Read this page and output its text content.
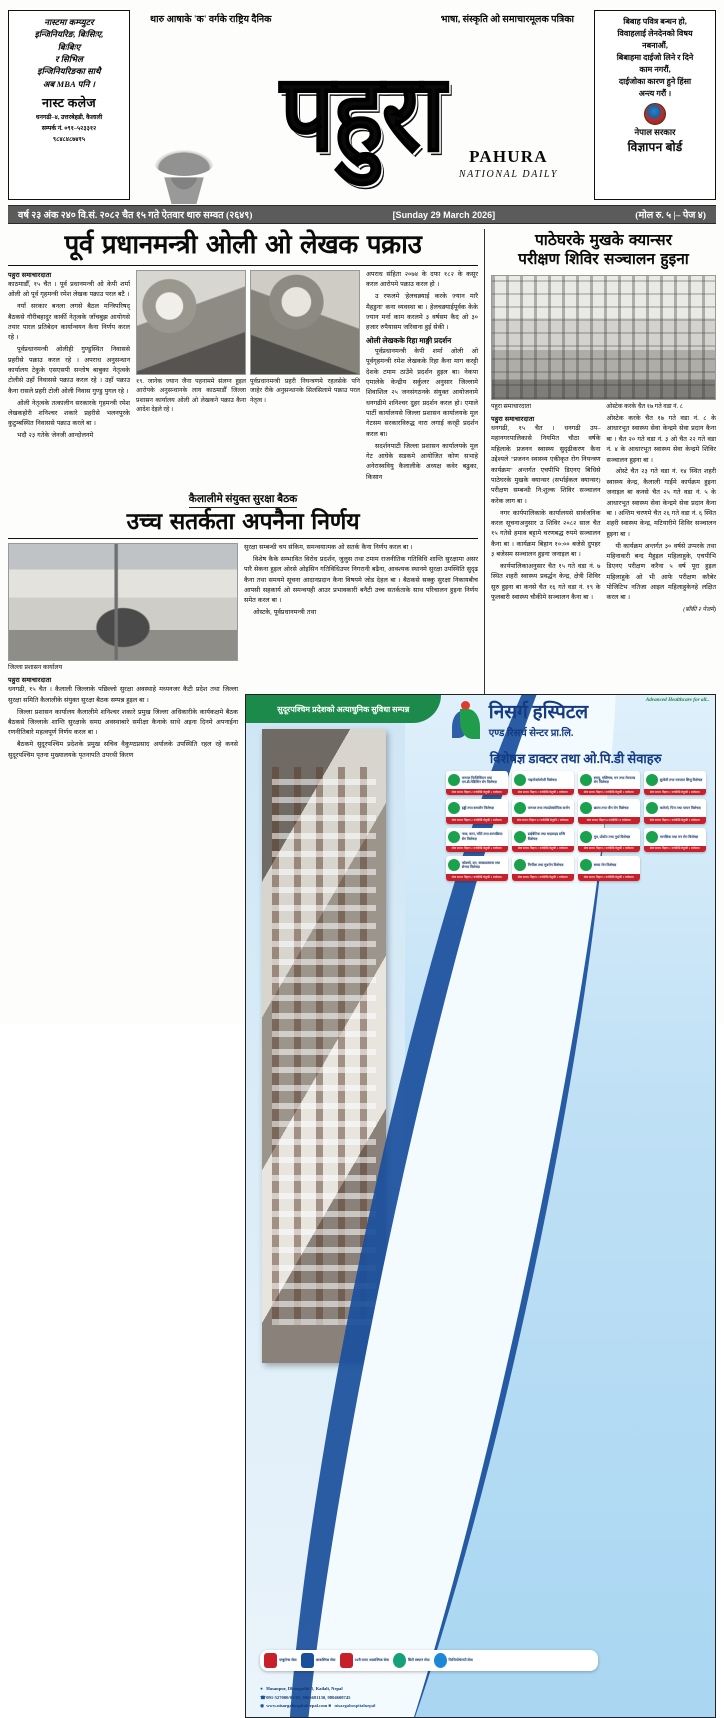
नास्टमा कम्प्युटर
इन्जिनियरिङ, बिःसिःए,
बिःबिःए
र सिभिल
इन्जिनियरिङका साथै
अब MBA पनि ।
नास्ट कलेज
धनगढी–४, उत्तरबेहडी, कैलाली
सम्पर्क नं. ०९१–५२३३१२
९८४८४८७४१५
थारु आषाके 'क' वर्गके राष्ट्रिय दैनिक	भाषा, संस्कृति ओ समाचारमूलक पत्रिका
पहुरा	PAHURA
NATIONAL DAILY
बिबाह पवित्र बन्धन हो,
विवाहलाई लेनदेनको विषय
नबनाऔं,
बिबाहमा दाईजो लिने र दिने
काम नगरौं,
दाईजोका कारण हुने हिंसा
अन्त्य गरौं ।
नेपाल सरकार
विज्ञापन बोर्ड
वर्ष २३ अंक २४० वि.सं. २०८२ चैत १५ गते ऐतवार थारु सम्वत (२६४९)	[Sunday 29 March 2026]	(मोल रु. ५ |– पेज ४)
पूर्व प्रधानमन्त्री ओली ओ लेखक पक्राउ
पहुरा समाचारदाता
काठमाडौँ, १५ चैत । पूर्व प्रधानमन्त्री ओ केपी शर्मा ओली ओ पूर्व गृहमन्त्री रमेश लेखक पक्राउ परल बटै ।
नयाँ सरकार बनला लगसे बैठल मन्त्रिपरिषद् बैठकसे गौरीबहादुर कार्की नेतृत्वके जाँचबुझ आयोगसे तयार पारल प्रतिबेदन कार्यान्वयन कैना निर्णय करल रहे ।
पूर्वप्रधानमन्त्री ओलीही गुण्डुस्थित निवाससे प्रहरीसे पक्राउ करल रहे । अपराध अनुसन्धान कार्यालय टेकुके एसएसपी सन्तोष बाबुका नेतृत्वके टोलीसे उहाँ निवाससे पक्राउ करल रहे । उहाँ पक्राउ कैना रासले प्रहरी टोली ओली निवास गुण्डु पुगल रहे ।
ओली नेतृत्वके तत्कालीन सरकारके गृहमन्त्री रमेश लेखकहोरी शनिश्चर शकारे प्रहरीसे भलनपुरके कुटुम्बस्थित निवाससे पक्राउ करले बा ।
भदौ २३ गतेके जेनजी आन्दोलनमे
१९. जानेक ज्यान जैना पहनाममे संलग्न हुइल आरोपके अनुसन्धानके लाय काठमाडौँ जिल्ला प्रशासन कार्यालय ओली ओ लेखकने पक्राउ कैना आदेश देइले रहे ।
पूर्वप्रधानमन्त्री प्रहरी नियन्त्रणमे रहलसेके पनि जाहेर रीके अनुसन्धानके सिलसिलामे पक्राउ परल नेतृत्व ।
अपराध संहिता २०७४ के दफा १८२ के कसूर करल आरोपमे पक्राउ करल हो ।
उ रफलमे 'हेलचक्र्याई करके ज्यान मारै मैहडुना' कना व्यवस्था बा । हेलचक्र्याईपूर्वक केके ज्यान मर्ना काम करलमे ३ वर्षसम कैद ओ ३० हजार रुपैयासम जरिवाना हुई सेकी ।
ओली लेखकके रिहा माङ्गी प्रदर्शन
पूर्वप्रधानमन्त्री केपी शर्मा ओली ओ पूर्वगृहमन्त्री रमेश लेखकके रिहा कैना माग करट्टी देशके टमाम ठाउँमे प्रदर्शन हुइल बा। नेकपा एमालेके केन्द्रीय सर्कुलर अनुसार जिल्लामे शिवाशिल २५ जनसंगठनके संयुक्त आयोजनामे धनगढीमे शनिश्चर दुहर प्रदर्शन करल हो। एमाले पार्टी कार्यालयसे जिल्ला प्रशासन कार्यालयके मूल गेटसम सरकारविरुद्ध नारा लगाई करट्टी प्रदर्शन करल बा।
सदर्शनपाटी जिल्ला प्रशासन कार्यालयके मूल गेट आघेके सडकमे आयोजित कोण सभाहे अनेरास्ववियु कैलालीके अध्यक्ष कवेर बढुका, किसान
कैलालीमे संयुक्त सुरक्षा बैठक
उच्च सतर्कता अपनैना निर्णय
जिल्ला प्रशासन कार्यालय
पहुरा समाचारदाता
धनगढी, १५ चैत । कैलाली जिल्लाके पछिल्लो सुरक्षा अवस्थाहे मध्यनजर कैटी प्रदेश तथा जिल्ला सुरक्षा समिति कैलालीके संयुक्त सुरक्षा बैठक सम्पन्न हुइल बा ।
जिल्ला प्रशासन कार्यालय कैलालीमे शनिश्चर शकारे प्रमुख जिल्ला अधिकारीके कार्यकक्षमे बैठक बैठकसे जिल्लाके शान्ति सुरक्षाके समग्र अवस्थाबारे समीक्षा कैनाके साथे अइना दिनमे अपनाईना रणनीतिबारे महत्वपूर्ण निर्णय करल बा ।
बैठकमे सुदूरपश्चिम प्रदेशके प्रमुख सचिव वैकुण्ठप्रसाद अर्यालके उपस्थिति रहल रहे कनसे सुदूरपश्चिम पृतना मुख्यालयके पृतनापति उपरथी किरण
सुरक्षा सम्बन्धी चप संकिम, समन्वयात्मक ओ सतर्क कैना निर्णय करल बा ।
विशेष कैके सम्भावित विरोध प्रदर्शन, जुलुस तथा टमाम राजनीतिक गतिविधि शान्ति सुरक्षामा असर पारै सेकना हुइल ओरसे ओइसिन गतिविधिउपर निगरानी बढैना, आवश्यक स्थानमे सुरक्षा उपस्थिति सुदृढ कैना तथा समयमे सूचना आदानप्रदान कैना विषयमे जोड देहल बा । बैठकसे सक्कु सुरक्षा निकायबीच आपसी सहकार्य ओ समन्वयही आउर प्रभावकारी बनैटी उच्च सतर्कताके साथ परिचालन हुइना निर्णय समेत करल बा ।
ओस्टके, पूर्वप्रधानमन्त्री तथा
पाठेघरके मुखके क्यान्सर
परीक्षण शिविर सञ्चालन हुइना
पहुरा समाचारदाता	ओस्टेक करके चैत १७ गते वडा नं. ८
पहुरा समाचारदाता
धनगढी, १५ चैत । धनगढी उप–महानगरपालिकासे नियमित चौठा वर्षके महिलाके प्रजनन स्वास्थ्य सुदृढीकरण कैना उद्देश्यले "प्रजनन स्वास्थ्य एकीकृत रोग नियन्त्रण कार्यक्रम" अन्तर्गत एचपीभि डिएनए बिधिसे पाठेघरके मुखके क्यान्सर (सर्भाईकल क्यान्सर) परीक्षण सम्बन्धी नि:शुल्क शिविर सञ्चालन करेक लाग बा ।
नगर कार्यपालिकाके कार्यालयसे सार्वजनिक करल सूचनाअनुसार उ शिविर २०८२ साल चैत १५ गतेसे हमाव बट्टामे चरणबद्ध रुपमे सञ्चालन कैना बा । कार्यक्रम बिहान १०:०० बजेसे दुपहर ३ बजेसम सञ्चालन हुइना जनाइल बा ।
कार्यपालिकाअनुसार चैत १५ गते वडा नं. ७ स्थित शहरी स्वास्थ्य प्रवर्द्धन केन्द्र, क्षेत्री शिविर सुरु हुइना बा कनसे चैत १६ गते वडा नं. १९ के फूलबारी स्वास्थ्य चौकीमे सञ्चालन कैना बा ।
ओस्टेक करके चैत १७ गते वडा नं. ८ के आधारभूत स्वास्थ्य सेवा केन्द्रमे सेवा प्रदान कैना बा । चैत २० गते वडा नं. ३ ओ चैत २२ गते वडा नं. ४ के आधारभूत स्वास्थ्य सेवा केन्द्रमे शिविर सञ्चालन हुइना बा ।
ओस्टे चैत २३ गते वडा नं. १४ स्थित शहरी स्वास्थ्य केन्द्र, कैलाली गार्ईमे कार्यक्रम हुइना जनाइल बा कनसे चैत २५ गते वडा नं. ५ के आधारभूत स्वास्थ्य सेवा केन्द्रमे सेवा प्रदान कैना बा । अन्तिम चरणमे चैत २६ गते वडा नं. ६ स्थित शहरी स्वास्थ्य केन्द्र, मटियारीमे शिविर सञ्चालन हुइना बा ।
यी कार्यक्रम अन्तर्गत ३० वर्षसे उप्परके तथा महिनावारी बन्द मैहुइल महिलाहुके, एचपीभि डिएनए परीक्षण करैना ५ वर्ष पूरा हुइल महिलाहुके ओ भी आफे परीक्षण करैबेर पोजिटिभ नतिजा आइल महिलाहुकेनहे लक्षित करल बा ।
(बाँकी २ पेजमे)
सुदूरपश्चिम प्रदेशको अत्याधुनिक सुविधा सम्पन्न
Advanced Healthcare for all..
निसर्ग हस्पिटल
एण्ड रिसर्च सेन्टर प्रा.लि.
विशेषज्ञ डाक्टर तथा ओ.पि.डी सेवाहरु
जनरल फिजिसियन तथा एम.डी.मेडिसिन रोग विशेषज्ञ
सेवा समय: बिहान ८ बजेदेखि बेलुकी ८ बजेसम्म
गाइनोकोलोजी विशेषज्ञ
सेवा समय: बिहान ८ बजेदेखि बेलुकी ८ बजेसम्म
स्नायु, मस्तिष्क, मन तथा मेरुदण्ड रोग विशेषज्ञ
सेवा समय: बिहान ८ बजेदेखि बेलुकी ८ बजेसम्म
सुत्केरी तथा नवजात शिशु विशेषज्ञ
सेवा समय: बिहान ८ बजेदेखि बेलुकी ८ बजेसम्म
हड्डी तथा बाथरोग विशेषज्ञ
सेवा समय: बिहान ८ बजेदेखि बेलुकी ८ बजेसम्म
जनरल तथा ल्याप्रोस्कोपिक सर्जन
सेवा समय: बिहान १२ बजेदेखि बेलुकी ८ बजेसम्म
छाला तथा यौन रोग विशेषज्ञ
सेवा समय: बिहान ७ बजेदेखि १२ बजेसम्म
कलेजो, पित्त तथा पाचन विशेषज्ञ
सेवा समय: बिहान ८ बजेदेखि बेलुकी ८ बजेसम्म
नाक, कान, घाँटी तथा शल्यक्रिया रोग विशेषज्ञ
सेवा समय: बिहान ८ बजेदेखि बेलुकी ८ बजेसम्म
डाईबेटिक तथा थाइराइड ग्रन्थि विशेषज्ञ
सेवा समय: बिहान ८ बजेदेखि बेलुकी ८ बजेसम्म
मुत्र, प्रोस्टेट तथा गुर्दा विशेषज्ञ
सेवा समय: बिहान ८ बजेदेखि बेलुकी ८ बजेसम्म
मानसिक तथा मन रोग विशेषज्ञ
सेवा समय: बिहान ८ बजेदेखि बेलुकी ८ बजेसम्म
फोक्सो, दम, स्वासप्रस्वास तथा सेन्सर विशेषज्ञ
सेवा समय: बिहान ८ बजेदेखि बेलुकी ८ बजेसम्म
मिर्गौला तथा मुत्ररोग विशेषज्ञ
सेवा समय: बिहान ८ बजेदेखि बेलुकी ८ बजेसम्म
बच्चा रोग विशेषज्ञ
सेवा समय: बिहान ८ बजेदेखि बेलुकी ८ बजेसम्म
एम्बुलेन्स सेवा	आकस्मिक सेवा	२४सै घण्टा आकस्मिक सेवा	सिटी स्क्यान सेवा	फिजियोथेरापी सेवा
● Hasanpur, Dhangadhi-5, Kailali, Nepal
☎ 091-527000/01/02, 9865681130, 9804600745
◉ www.nisargahospitalnepal.com ■ nisargahospitalnepal
